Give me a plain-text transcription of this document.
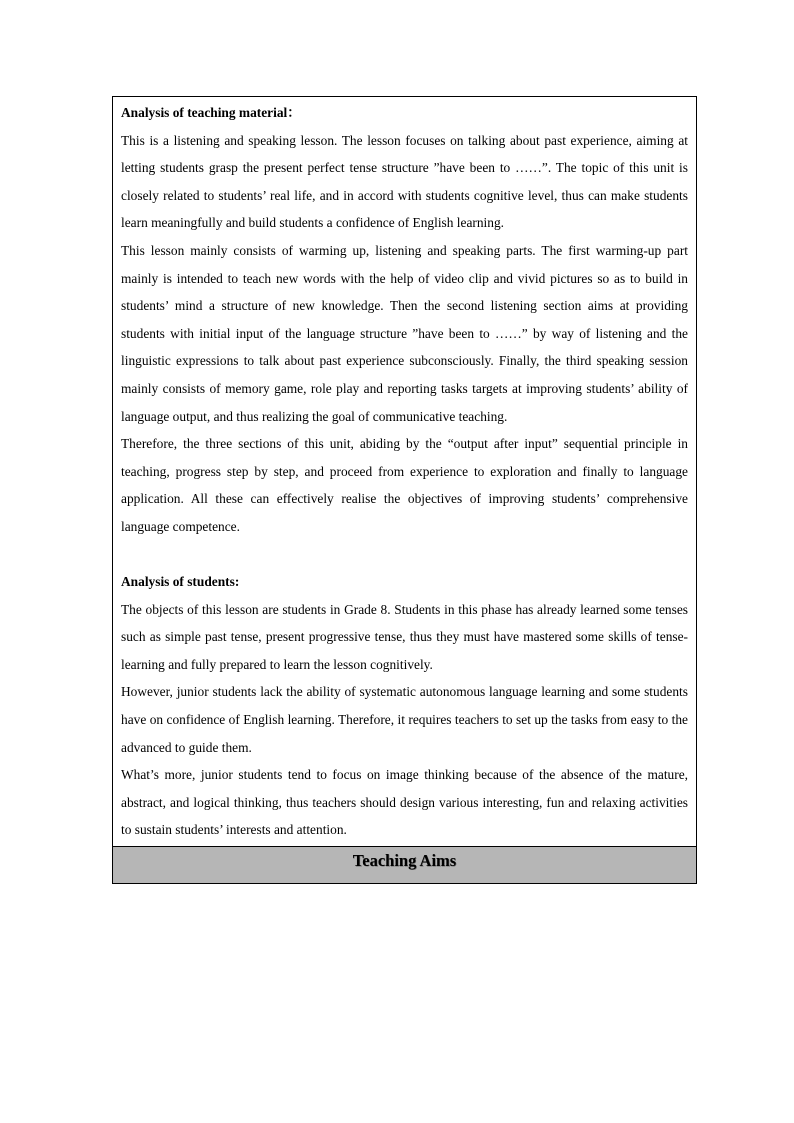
Analysis of teaching material：

This is a listening and speaking lesson. The lesson focuses on talking about past experience, aiming at letting students grasp the present perfect tense structure ”have been to ……”. The topic of this unit is closely related to students’ real life, and in accord with students cognitive level, thus can make students learn meaningfully and build students a confidence of English learning.

This lesson mainly consists of warming up, listening and speaking parts. The first warming-up part mainly is intended to teach new words with the help of video clip and vivid pictures so as to build in students’ mind a structure of new knowledge. Then the second listening section aims at providing students with initial input of the language structure ”have been to ……” by way of listening and the linguistic expressions to talk about past experience subconsciously. Finally, the third speaking session mainly consists of memory game, role play and reporting tasks targets at improving students’ ability of language output, and thus realizing the goal of communicative teaching.

Therefore, the three sections of this unit, abiding by the “output after input” sequential principle in teaching, progress step by step, and proceed from experience to exploration and finally to language application. All these can effectively realise the objectives of improving students’ comprehensive language competence.

Analysis of students:

The objects of this lesson are students in Grade 8. Students in this phase has already learned some tenses such as simple past tense, present progressive tense, thus they must have mastered some skills of tense-learning and fully prepared to learn the lesson cognitively.

However, junior students lack the ability of systematic autonomous language learning and some students have on confidence of English learning. Therefore, it requires teachers to set up the tasks from easy to the advanced to guide them.

What’s more, junior students tend to focus on image thinking because of the absence of the mature, abstract, and logical thinking, thus teachers should design various interesting, fun and relaxing activities to sustain students’ interests and attention.

Teaching Aims
